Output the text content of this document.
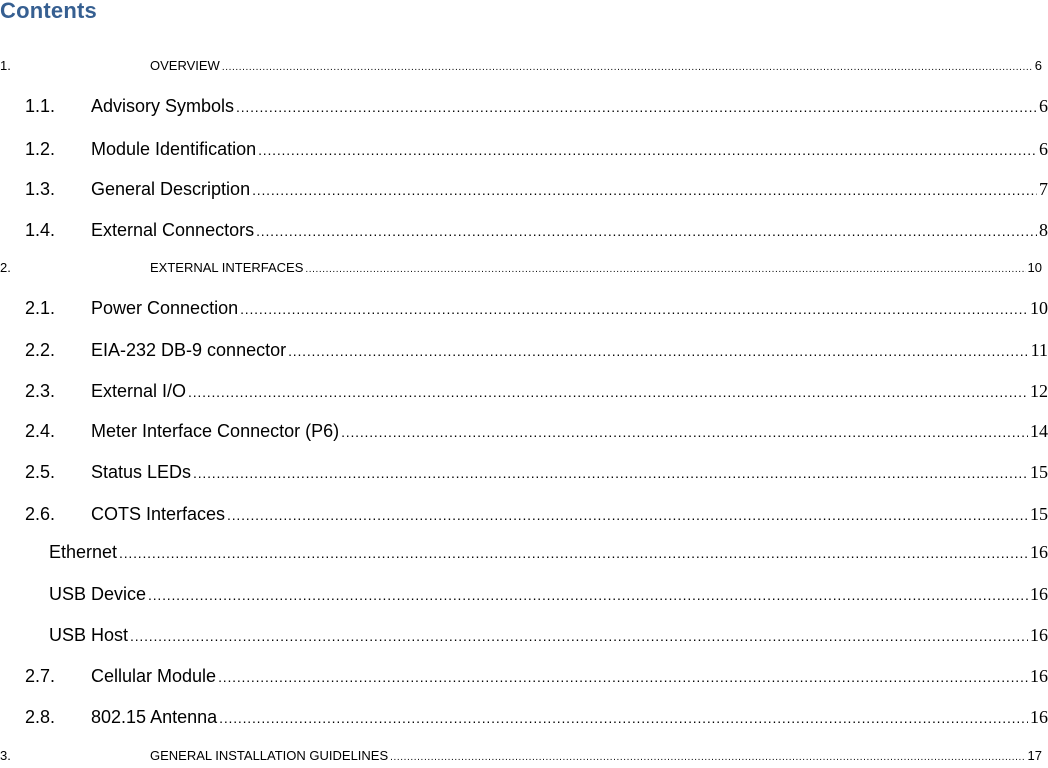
Contents
1.	OVERVIEW .....	6
1.1.	Advisory Symbols .....	6
1.2.	Module Identification .....	6
1.3.	General Description .....	7
1.4.	External Connectors .....	8
2.	EXTERNAL INTERFACES .....	10
2.1.	Power Connection .....	10
2.2.	EIA-232 DB-9 connector .....	11
2.3.	External I/O .....	12
2.4.	Meter Interface Connector (P6) .....	14
2.5.	Status LEDs .....	15
2.6.	COTS Interfaces .....	15
Ethernet .....	16
USB Device .....	16
USB Host .....	16
2.7.	Cellular Module .....	16
2.8.	802.15 Antenna .....	16
3.	GENERAL INSTALLATION GUIDELINES .....	17
